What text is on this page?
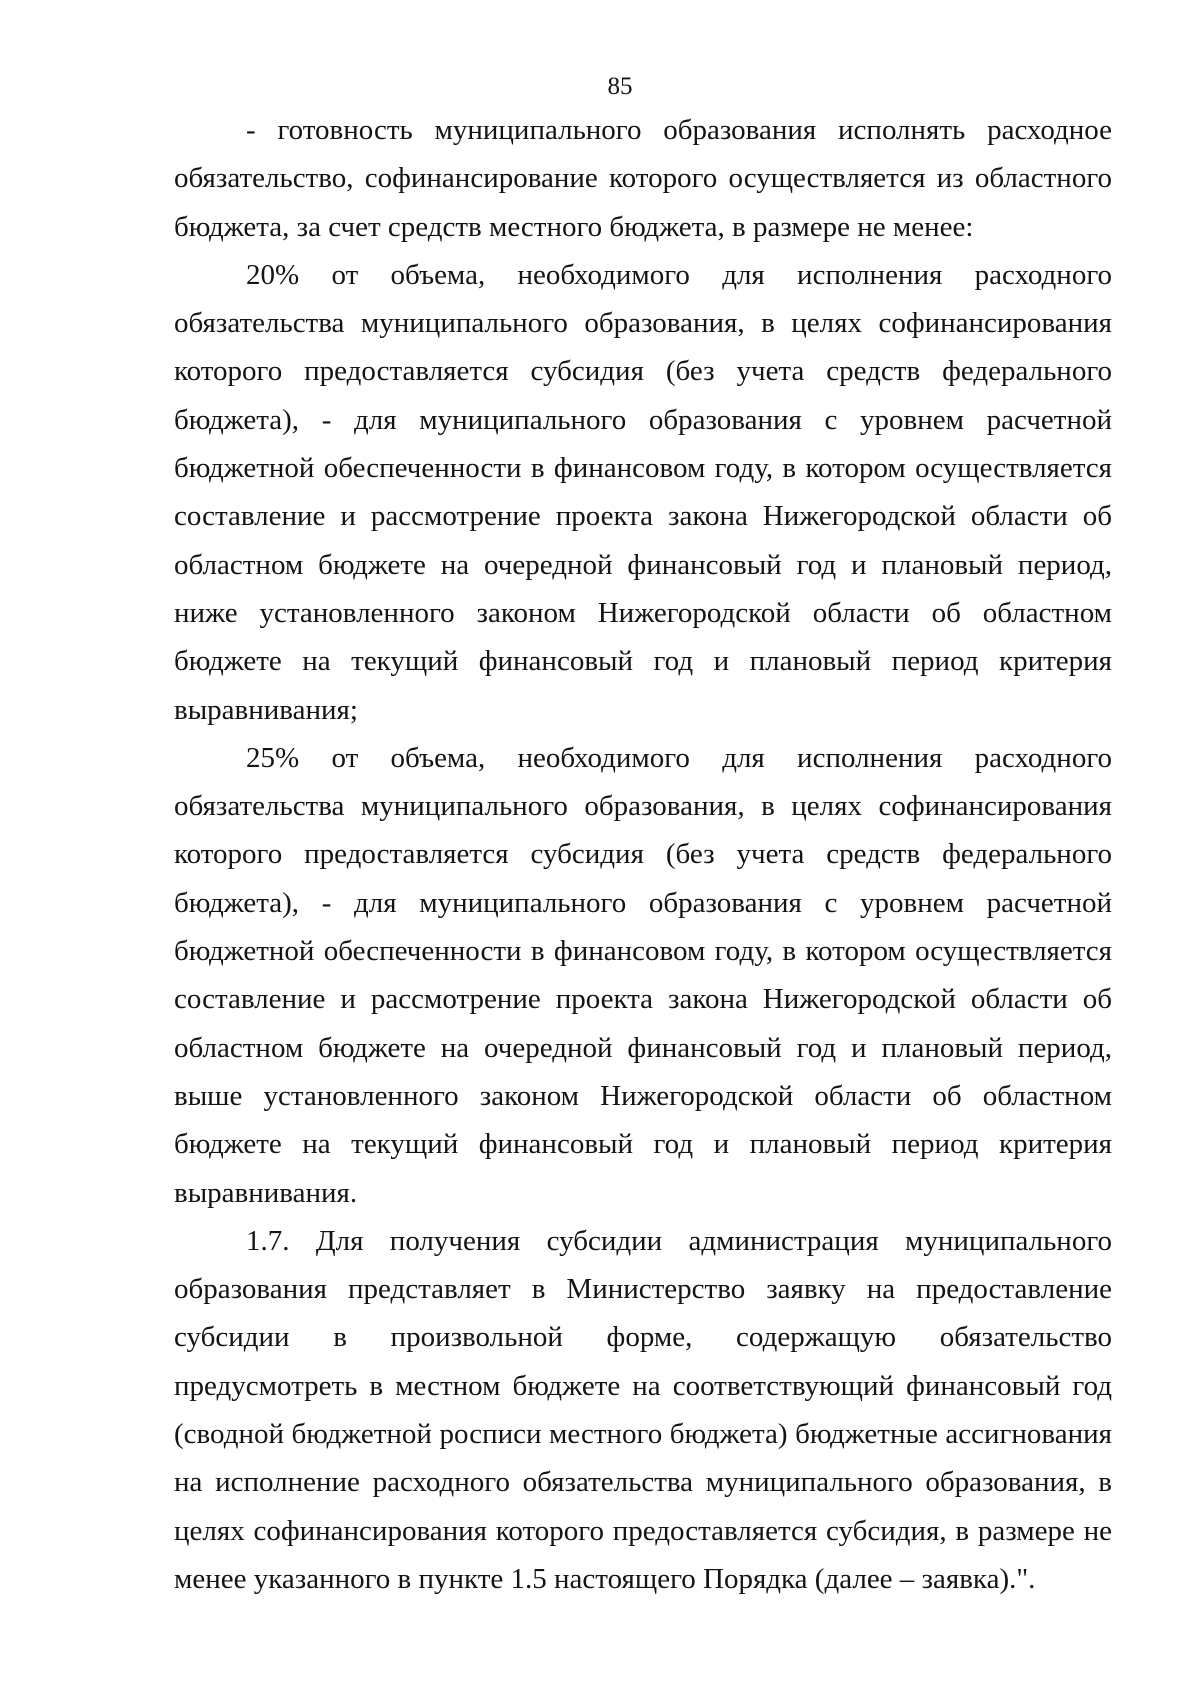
85

- готовность муниципального образования исполнять расходное обязательство, софинансирование которого осуществляется из областного бюджета, за счет средств местного бюджета, в размере не менее:

20% от объема, необходимого для исполнения расходного обязательства муниципального образования, в целях софинансирования которого предоставляется субсидия (без учета средств федерального бюджета), - для муниципального образования с уровнем расчетной бюджетной обеспеченности в финансовом году, в котором осуществляется составление и рассмотрение проекта закона Нижегородской области об областном бюджете на очередной финансовый год и плановый период, ниже установленного законом Нижегородской области об областном бюджете на текущий финансовый год и плановый период критерия выравнивания;

25% от объема, необходимого для исполнения расходного обязательства муниципального образования, в целях софинансирования которого предоставляется субсидия (без учета средств федерального бюджета), - для муниципального образования с уровнем расчетной бюджетной обеспеченности в финансовом году, в котором осуществляется составление и рассмотрение проекта закона Нижегородской области об областном бюджете на очередной финансовый год и плановый период, выше установленного законом Нижегородской области об областном бюджете на текущий финансовый год и плановый период критерия выравнивания.

1.7. Для получения субсидии администрация муниципального образования представляет в Министерство заявку на предоставление субсидии в произвольной форме, содержащую обязательство предусмотреть в местном бюджете на соответствующий финансовый год (сводной бюджетной росписи местного бюджета) бюджетные ассигнования на исполнение расходного обязательства муниципального образования, в целях софинансирования которого предоставляется субсидия, в размере не менее указанного в пункте 1.5 настоящего Порядка (далее – заявка).".
